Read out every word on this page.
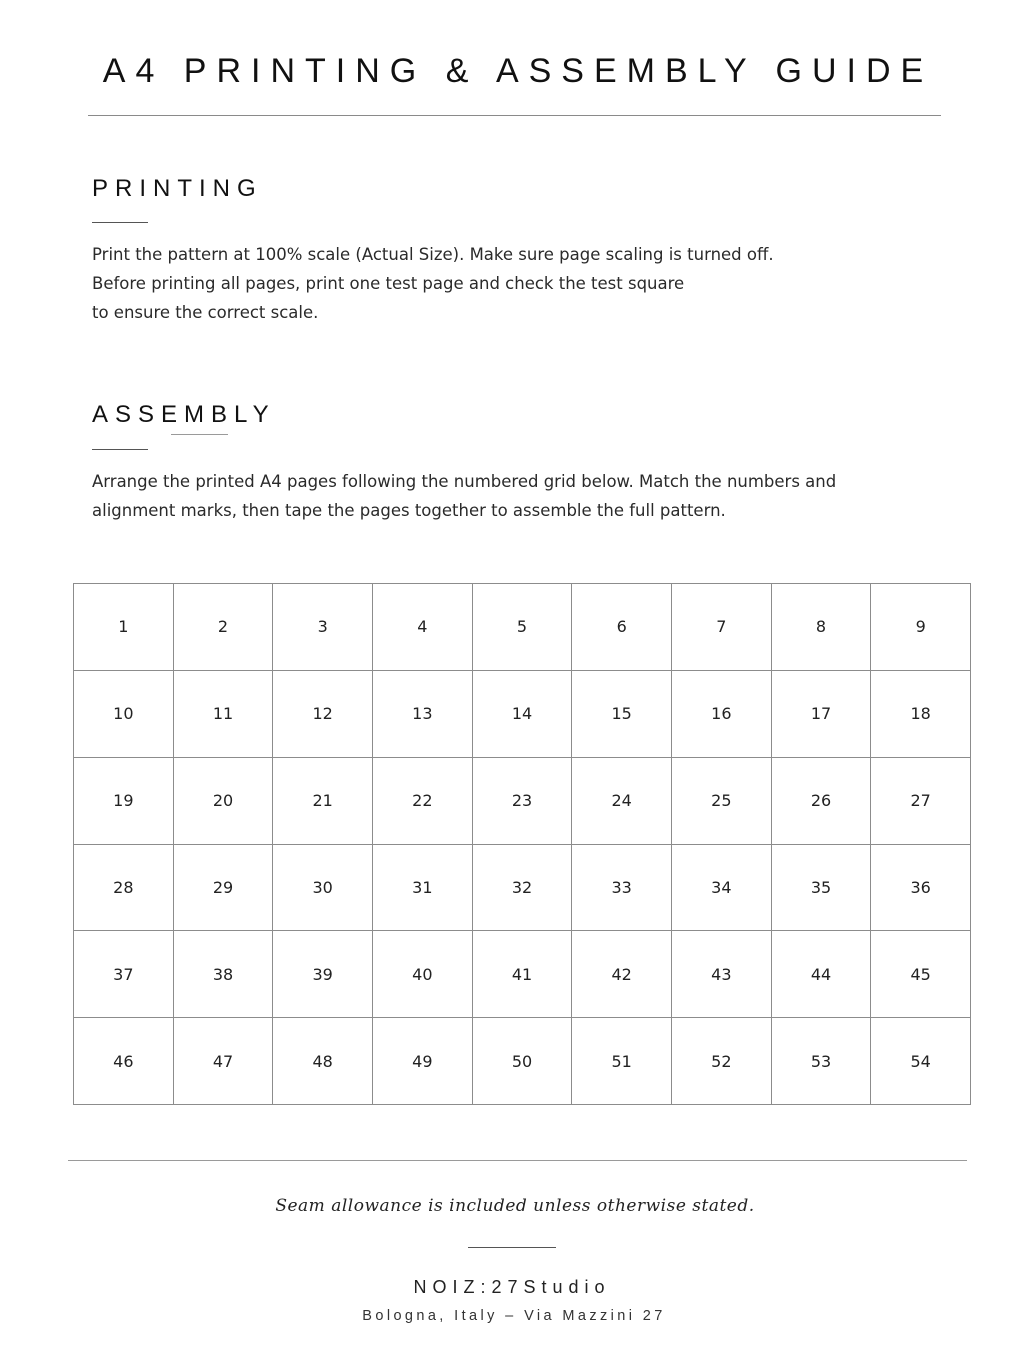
A4 PRINTING & ASSEMBLY GUIDE
PRINTING

Print the pattern at 100% scale (Actual Size). Make sure page scaling is turned off.
Before printing all pages, print one test page and check the test square
to ensure the correct scale.

ASSEMBLY

Arrange the printed A4 pages following the numbered grid below. Match the numbers and
alignment marks, then tape the pages together to assemble the full pattern.

1	2	3	4	5	6	7	8	9
10	11	12	13	14	15	16	17	18
19	20	21	22	23	24	25	26	27
28	29	30	31	32	33	34	35	36
37	38	39	40	41	42	43	44	45
46	47	48	49	50	51	52	53	54

Seam allowance is included unless otherwise stated.

NOIZ:27Studio

Bologna, Italy – Via Mazzini 27
